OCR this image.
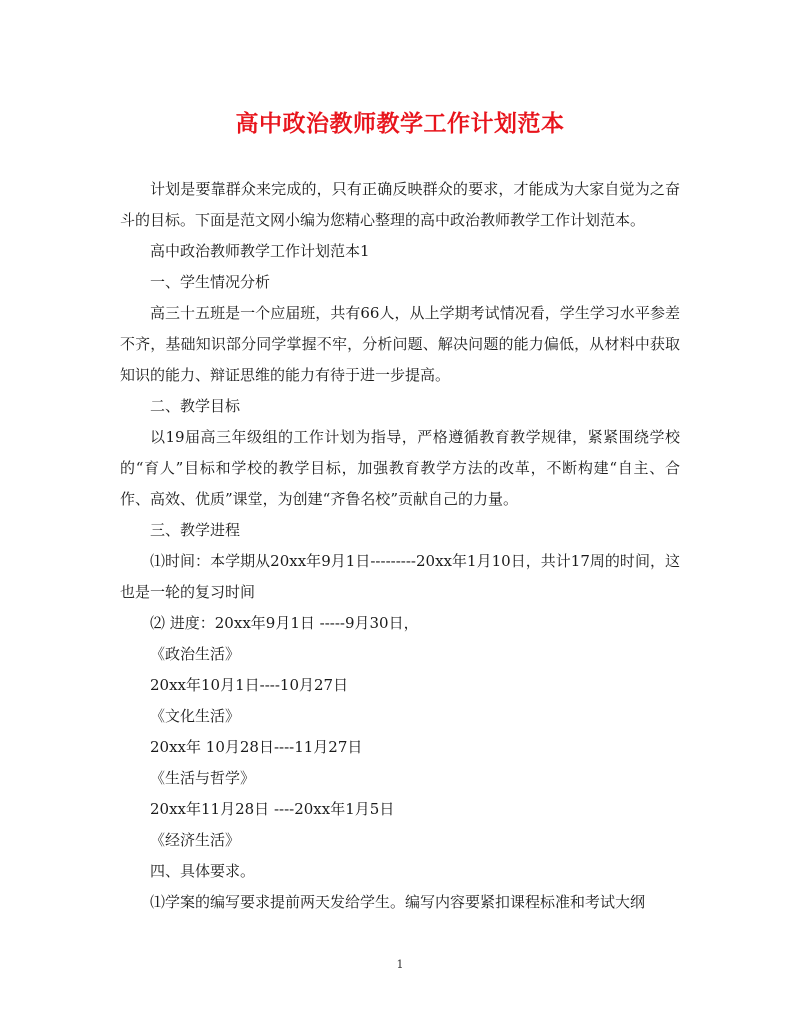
高中政治教师教学工作计划范本

计划是要靠群众来完成的，只有正确反映群众的要求，才能成为大家自觉为之奋斗的目标。下面是范文网小编为您精心整理的高中政治教师教学工作计划范本。

高中政治教师教学工作计划范本1

一、学生情况分析

高三十五班是一个应届班，共有66人，从上学期考试情况看，学生学习水平参差不齐，基础知识部分同学掌握不牢，分析问题、解决问题的能力偏低，从材料中获取知识的能力、辩证思维的能力有待于进一步提高。

二、教学目标

以19届高三年级组的工作计划为指导，严格遵循教育教学规律，紧紧围绕学校的“育人”目标和学校的教学目标，加强教育教学方法的改革，不断构建“自主、合作、高效、优质”课堂，为创建“齐鲁名校”贡献自己的力量。

三、教学进程

⑴时间：本学期从20xx年9月1日---------20xx年1月10日，共计17周的时间，这也是一轮的复习时间

⑵ 进度：20xx年9月1日 -----9月30日，

《政治生活》

20xx年10月1日----10月27日

《文化生活》

20xx年 10月28日----11月27日

《生活与哲学》

20xx年11月28日 ----20xx年1月5日

《经济生活》

四、具体要求。

⑴学案的编写要求提前两天发给学生。编写内容要紧扣课程标准和考试大纲

1
